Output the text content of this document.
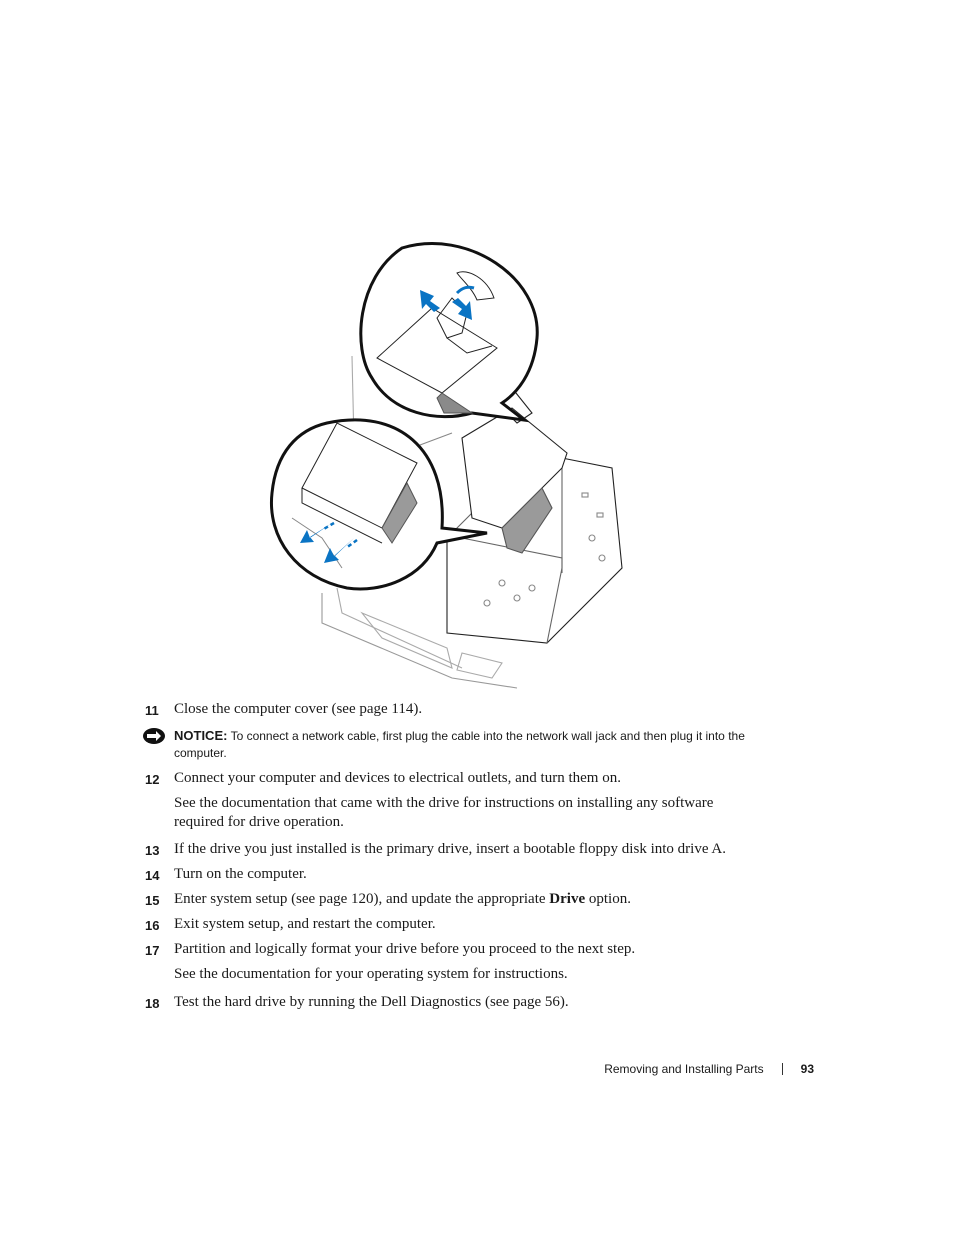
11	Close the computer cover (see page 114).
NOTICE: To connect a network cable, first plug the cable into the network wall jack and then plug it into the computer.
12 Connect your computer and devices to electrical outlets, and turn them on.
See the documentation that came with the drive for instructions on installing any software required for drive operation.
13 If the drive you just installed is the primary drive, insert a bootable floppy disk into drive A.
14 Turn on the computer.
15 Enter system setup (see page 120), and update the appropriate Drive option.
16 Exit system setup, and restart the computer.
17 Partition and logically format your drive before you proceed to the next step.
See the documentation for your operating system for instructions.
18 Test the hard drive by running the Dell Diagnostics (see page 56).
Removing and Installing Parts	93
